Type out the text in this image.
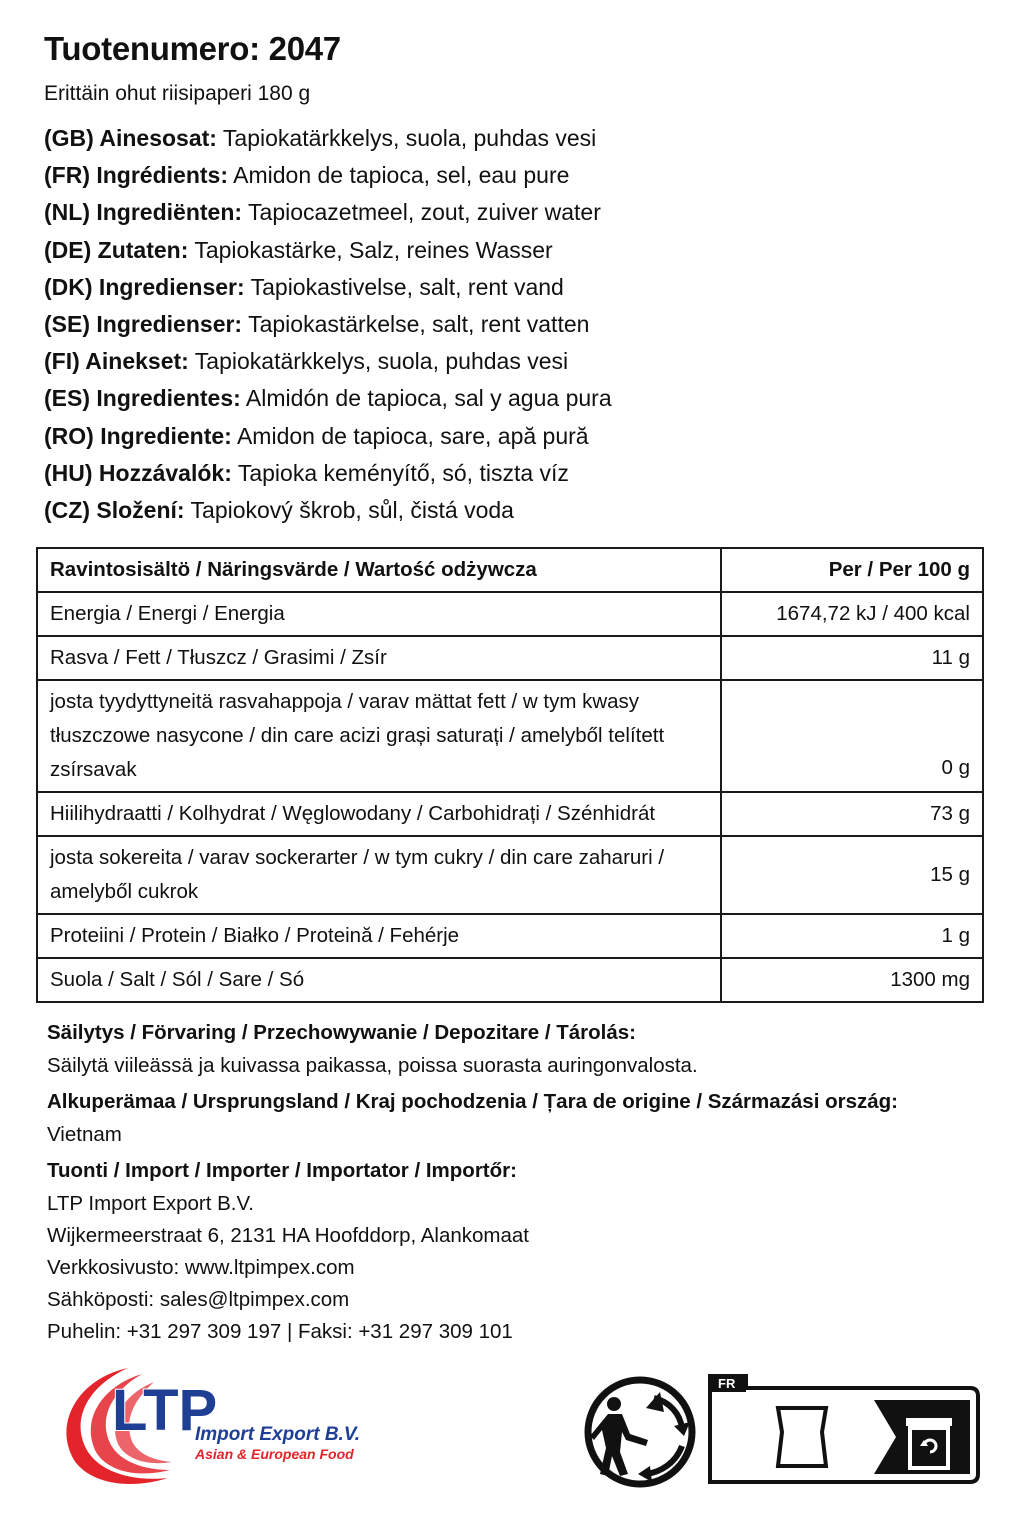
Tuotenumero: 2047
Erittäin ohut riisipaperi 180 g
(GB) Ainesosat: Tapiokatärkkelys, suola, puhdas vesi
(FR) Ingrédients: Amidon de tapioca, sel, eau pure
(NL) Ingrediënten: Tapiocazetmeel, zout, zuiver water
(DE) Zutaten: Tapiokastärke, Salz, reines Wasser
(DK) Ingredienser: Tapiokastivelse, salt, rent vand
(SE) Ingredienser: Tapiokastärkelse, salt, rent vatten
(FI) Ainekset: Tapiokatärkkelys, suola, puhdas vesi
(ES) Ingredientes: Almidón de tapioca, sal y agua pura
(RO) Ingrediente: Amidon de tapioca, sare, apă pură
(HU) Hozzávalók: Tapioka keményítő, só, tiszta víz
(CZ) Složení: Tapiokový škrob, sůl, čistá voda
Ravintosisältö / Näringsvärde / Wartość odżywcza	Per / Per 100 g
Energia / Energi / Energia	1674,72 kJ / 400 kcal
Rasva / Fett / Tłuszcz / Grasimi / Zsír	11 g
josta tyydyttyneitä rasvahappoja / varav mättat fett / w tym kwasy tłuszczowe nasycone / din care acizi grași saturați / amelyből telített zsírsavak	0 g

Hiilihydraatti / Kolhydrat / Węglowodany / Carbohidrați / Szénhidrát	73 g
josta sokereita / varav sockerarter / w tym cukry / din care zaharuri / amelyből cukrok	15 g
Proteiini / Protein / Białko / Proteină / Fehérje	1 g
Suola / Salt / Sól / Sare / Só	1300 mg
Säilytys / Förvaring / Przechowywanie / Depozitare / Tárolás:
Säilytä viileässä ja kuivassa paikassa, poissa suorasta auringonvalosta.
Alkuperämaa / Ursprungsland / Kraj pochodzenia / Țara de origine / Származási ország:
Vietnam
Tuonti / Import / Importer / Importator / Importőr:
LTP Import Export B.V.
Wijkermeerstraat 6, 2131 HA Hoofddorp, Alankomaat
Verkkosivusto: www.ltpimpex.com
Sähköposti: sales@ltpimpex.com
Puhelin: +31 297 309 197 | Faksi: +31 297 309 101
LTP
Import Export B.V.
Asian & European Food
FR
